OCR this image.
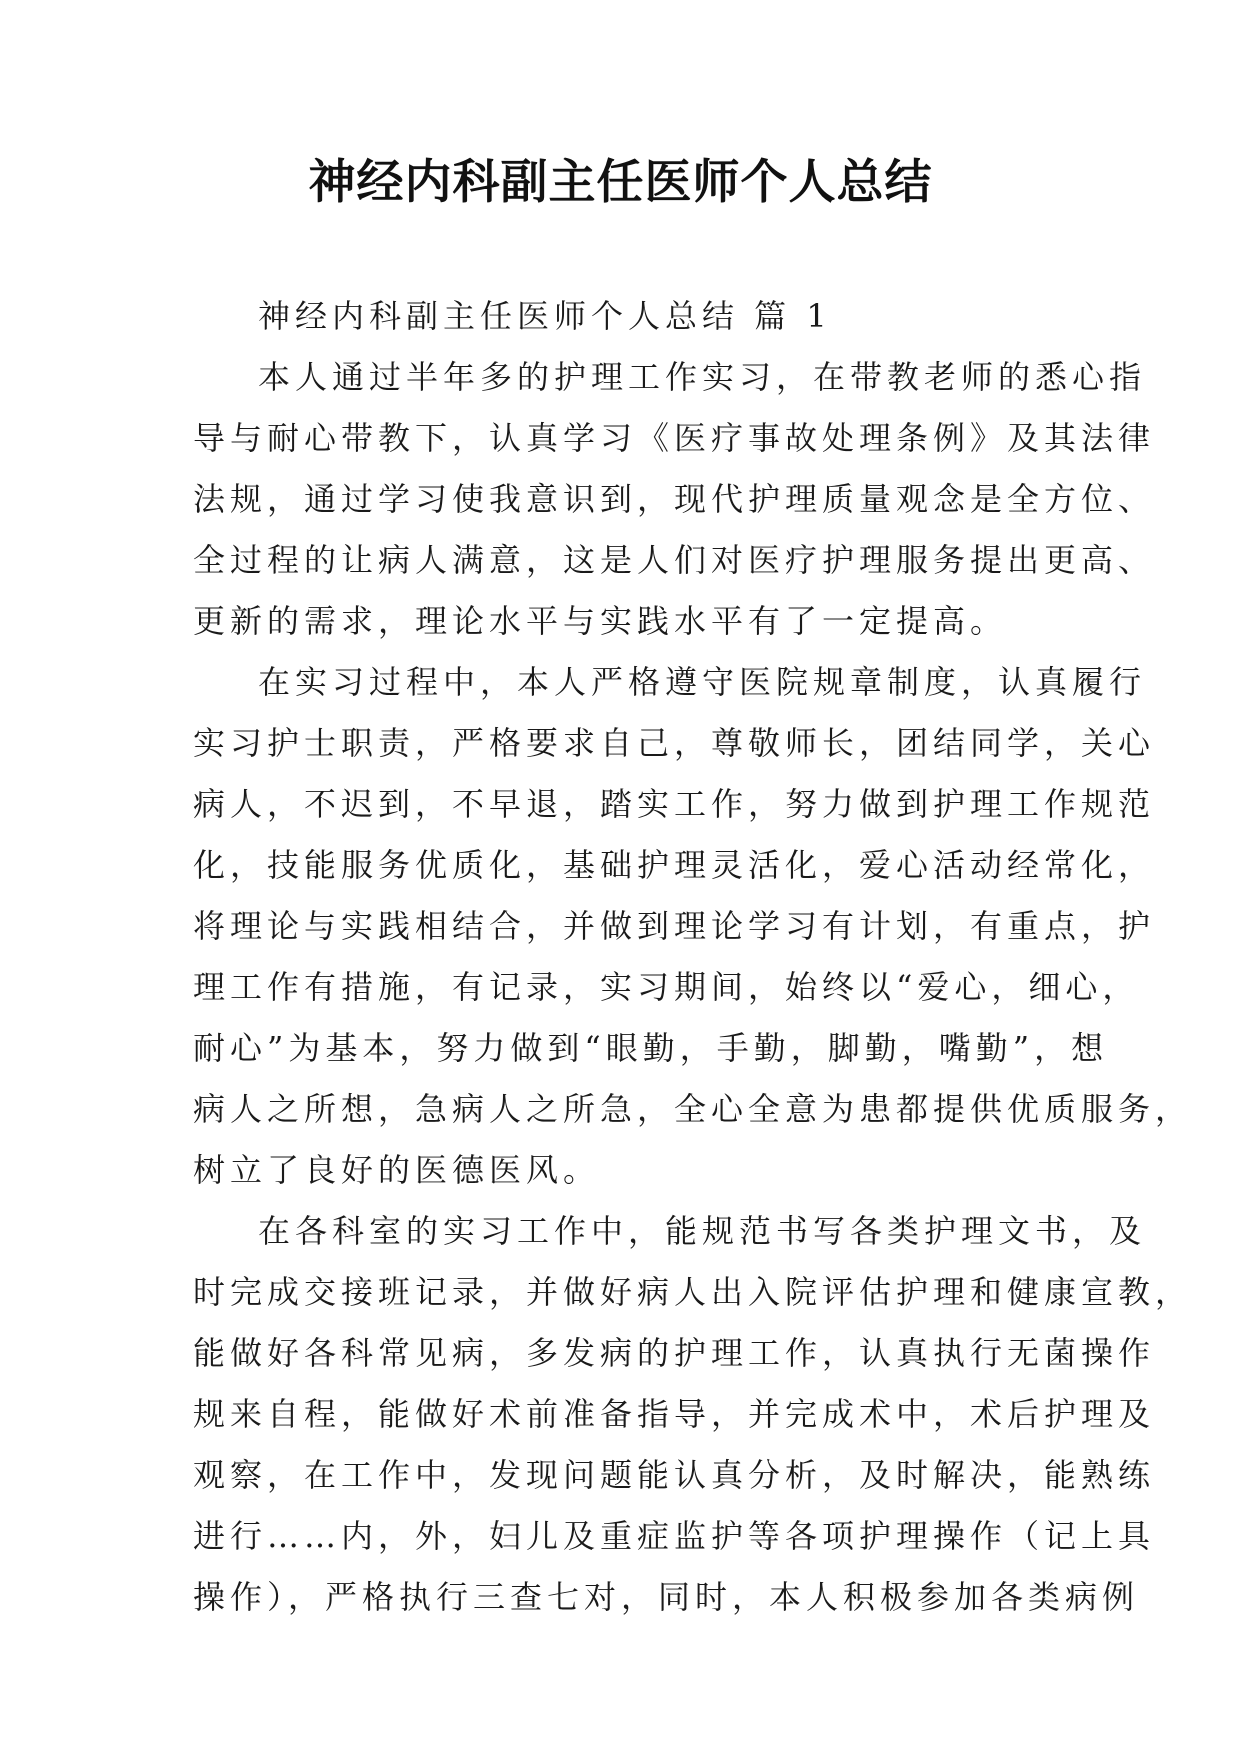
神经内科副主任医师个人总结
神经内科副主任医师个人总结 篇 1
本人通过半年多的护理工作实习，在带教老师的悉心指
导与耐心带教下，认真学习《医疗事故处理条例》及其法律
法规，通过学习使我意识到，现代护理质量观念是全方位、
全过程的让病人满意，这是人们对医疗护理服务提出更高、
更新的需求，理论水平与实践水平有了一定提高。
在实习过程中，本人严格遵守医院规章制度，认真履行
实习护士职责，严格要求自己，尊敬师长，团结同学，关心
病人，不迟到，不早退，踏实工作，努力做到护理工作规范
化，技能服务优质化，基础护理灵活化，爱心活动经常化，
将理论与实践相结合，并做到理论学习有计划，有重点，护
理工作有措施，有记录，实习期间，始终以“爱心，细心，
耐心”为基本，努力做到“眼勤，手勤，脚勤，嘴勤”，想
病人之所想，急病人之所急，全心全意为患都提供优质服务，
树立了良好的医德医风。
在各科室的实习工作中，能规范书写各类护理文书，及
时完成交接班记录，并做好病人出入院评估护理和健康宣教，
能做好各科常见病，多发病的护理工作，认真执行无菌操作
规来自程，能做好术前准备指导，并完成术中，术后护理及
观察，在工作中，发现问题能认真分析，及时解决，能熟练
进行……内，外，妇儿及重症监护等各项护理操作（记上具
操作），严格执行三查七对，同时，本人积极参加各类病例
